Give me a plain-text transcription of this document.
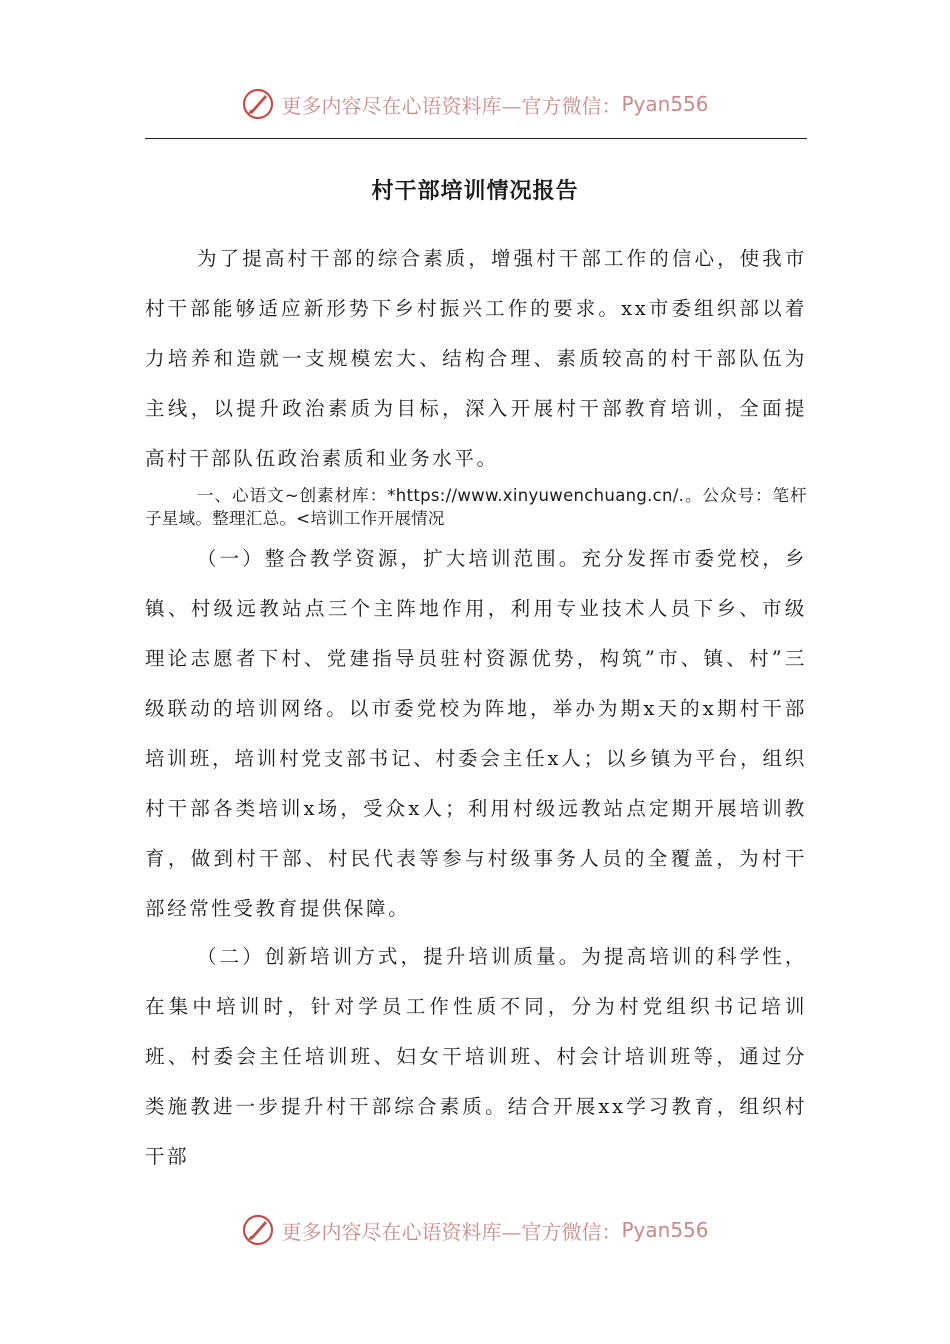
更多内容尽在心语资料库—官方微信： Pyan556
村干部培训情况报告
为了提高村干部的综合素质，增强村干部工作的信心，使我市村干部能够适应新形势下乡村振兴工作的要求。xx市委组织部以着力培养和造就一支规模宏大、结构合理、素质较高的村干部队伍为主线，以提升政治素质为目标，深入开展村干部教育培训，全面提高村干部队伍政治素质和业务水平。
一、心语文~创素材库：*https://www.xinyuwenchuang.cn/.。公众号：笔杆子星域。整理汇总。<培训工作开展情况
（一）整合教学资源，扩大培训范围。充分发挥市委党校，乡镇、村级远教站点三个主阵地作用，利用专业技术人员下乡、市级理论志愿者下村、党建指导员驻村资源优势，构筑”市、镇、村”三级联动的培训网络。以市委党校为阵地，举办为期x天的x期村干部培训班，培训村党支部书记、村委会主任x人；以乡镇为平台，组织村干部各类培训x场，受众x人；利用村级远教站点定期开展培训教育，做到村干部、村民代表等参与村级事务人员的全覆盖，为村干部经常性受教育提供保障。
（二）创新培训方式，提升培训质量。为提高培训的科学性，在集中培训时，针对学员工作性质不同，分为村党组织书记培训班、村委会主任培训班、妇女干培训班、村会计培训班等，通过分类施教进一步提升村干部综合素质。结合开展xx学习教育，组织村干部
更多内容尽在心语资料库—官方微信： Pyan556
